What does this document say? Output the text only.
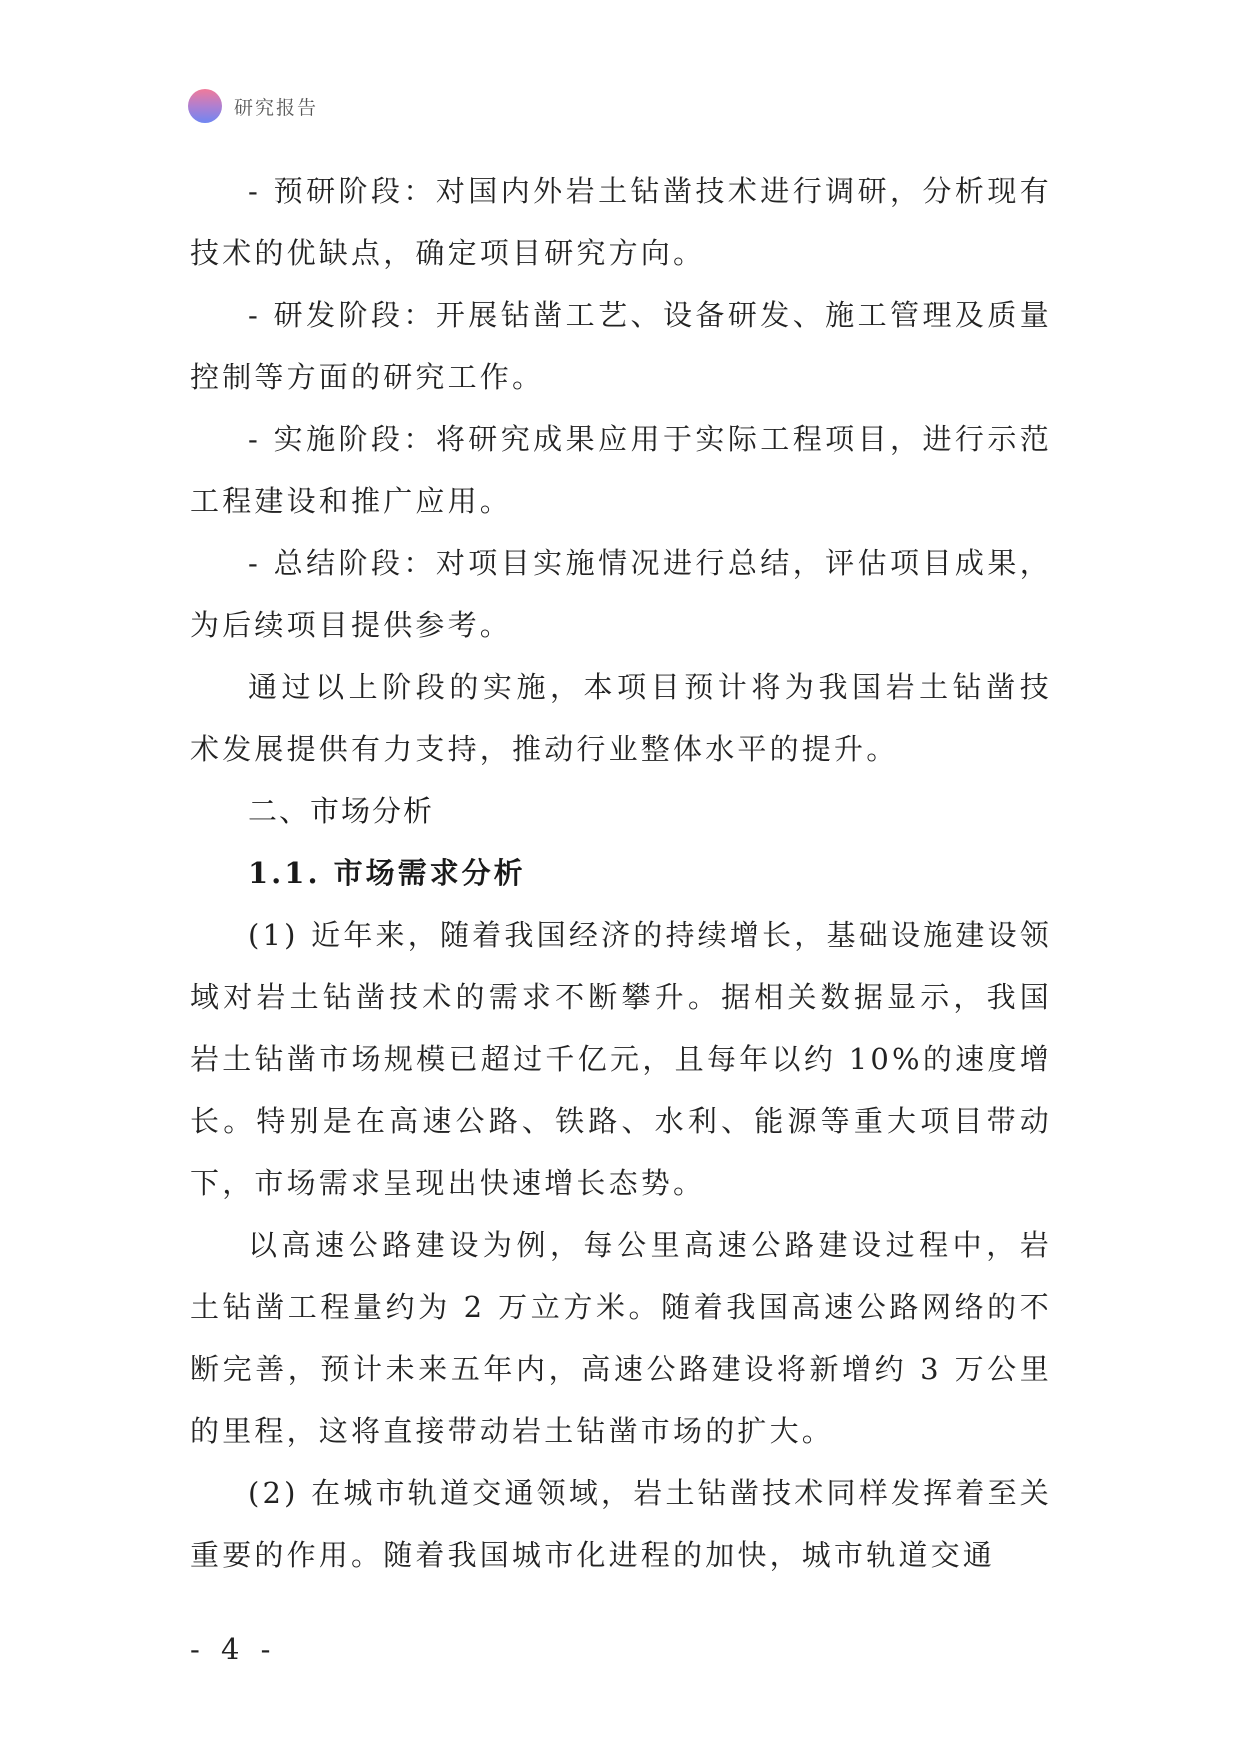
研究报告

- 预研阶段：对国内外岩土钻凿技术进行调研，分析现有技术的优缺点，确定项目研究方向。

- 研发阶段：开展钻凿工艺、设备研发、施工管理及质量控制等方面的研究工作。

- 实施阶段：将研究成果应用于实际工程项目，进行示范工程建设和推广应用。

- 总结阶段：对项目实施情况进行总结，评估项目成果，为后续项目提供参考。

通过以上阶段的实施，本项目预计将为我国岩土钻凿技术发展提供有力支持，推动行业整体水平的提升。

二、市场分析
1.1. 市场需求分析

(1) 近年来，随着我国经济的持续增长，基础设施建设领域对岩土钻凿技术的需求不断攀升。据相关数据显示，我国岩土钻凿市场规模已超过千亿元，且每年以约 10%的速度增长。特别是在高速公路、铁路、水利、能源等重大项目带动下，市场需求呈现出快速增长态势。

以高速公路建设为例，每公里高速公路建设过程中，岩土钻凿工程量约为 2 万立方米。随着我国高速公路网络的不断完善，预计未来五年内，高速公路建设将新增约 3 万公里的里程，这将直接带动岩土钻凿市场的扩大。

(2) 在城市轨道交通领域，岩土钻凿技术同样发挥着至关重要的作用。随着我国城市化进程的加快，城市轨道交通

- 4 -
